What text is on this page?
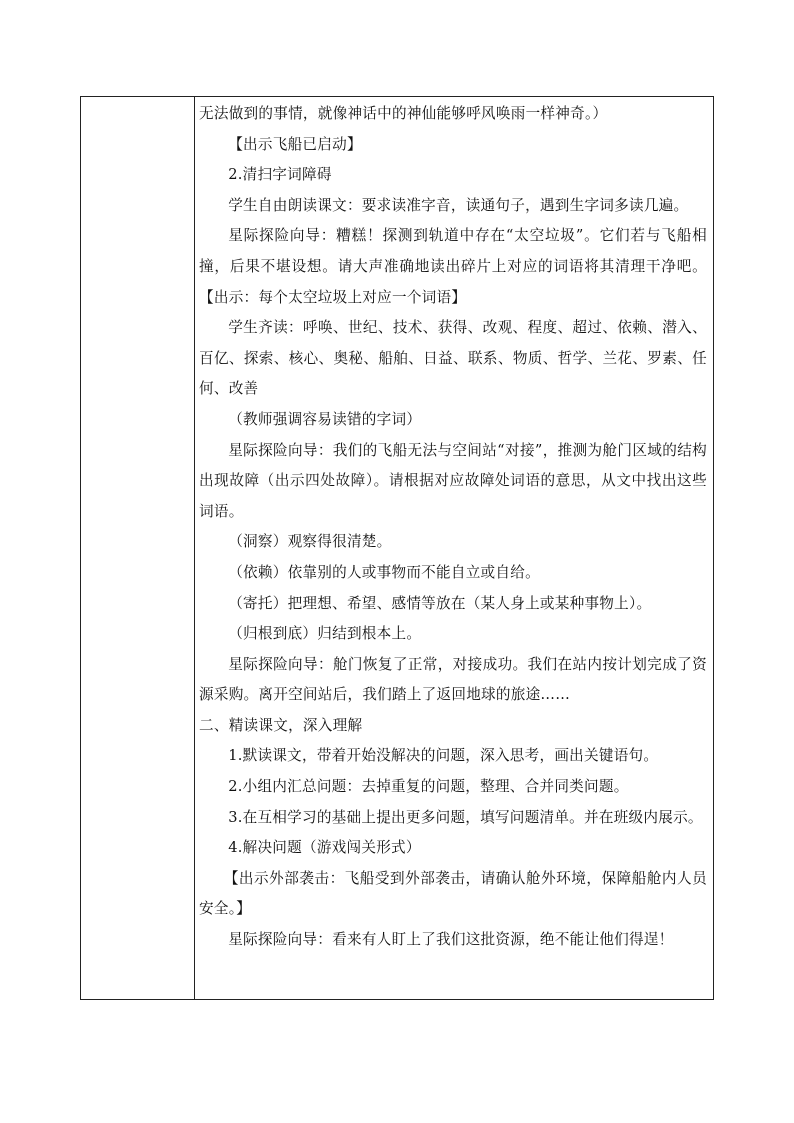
无法做到的事情，就像神话中的神仙能够呼风唤雨一样神奇。）

【出示飞船已启动】

2.清扫字词障碍

学生自由朗读课文：要求读准字音，读通句子，遇到生字词多读几遍。

星际探险向导：糟糕！探测到轨道中存在“太空垃圾”。它们若与飞船相撞，后果不堪设想。请大声准确地读出碎片上对应的词语将其清理干净吧。【出示：每个太空垃圾上对应一个词语】

学生齐读：呼唤、世纪、技术、获得、改观、程度、超过、依赖、潜入、百亿、探索、核心、奥秘、船舶、日益、联系、物质、哲学、兰花、罗素、任何、改善

（教师强调容易读错的字词）

星际探险向导：我们的飞船无法与空间站“对接”，推测为舱门区域的结构出现故障（出示四处故障）。请根据对应故障处词语的意思，从文中找出这些词语。

（洞察）观察得很清楚。

（依赖）依靠别的人或事物而不能自立或自给。

（寄托）把理想、希望、感情等放在（某人身上或某种事物上）。

（归根到底）归结到根本上。

星际探险向导：舱门恢复了正常，对接成功。我们在站内按计划完成了资源采购。离开空间站后，我们踏上了返回地球的旅途……

二、精读课文，深入理解

1.默读课文，带着开始没解决的问题，深入思考，画出关键语句。

2.小组内汇总问题：去掉重复的问题，整理、合并同类问题。

3.在互相学习的基础上提出更多问题，填写问题清单。并在班级内展示。

4.解决问题（游戏闯关形式）

【出示外部袭击：飞船受到外部袭击，请确认舱外环境，保障船舱内人员安全。】

星际探险向导：看来有人盯上了我们这批资源，绝不能让他们得逞！
